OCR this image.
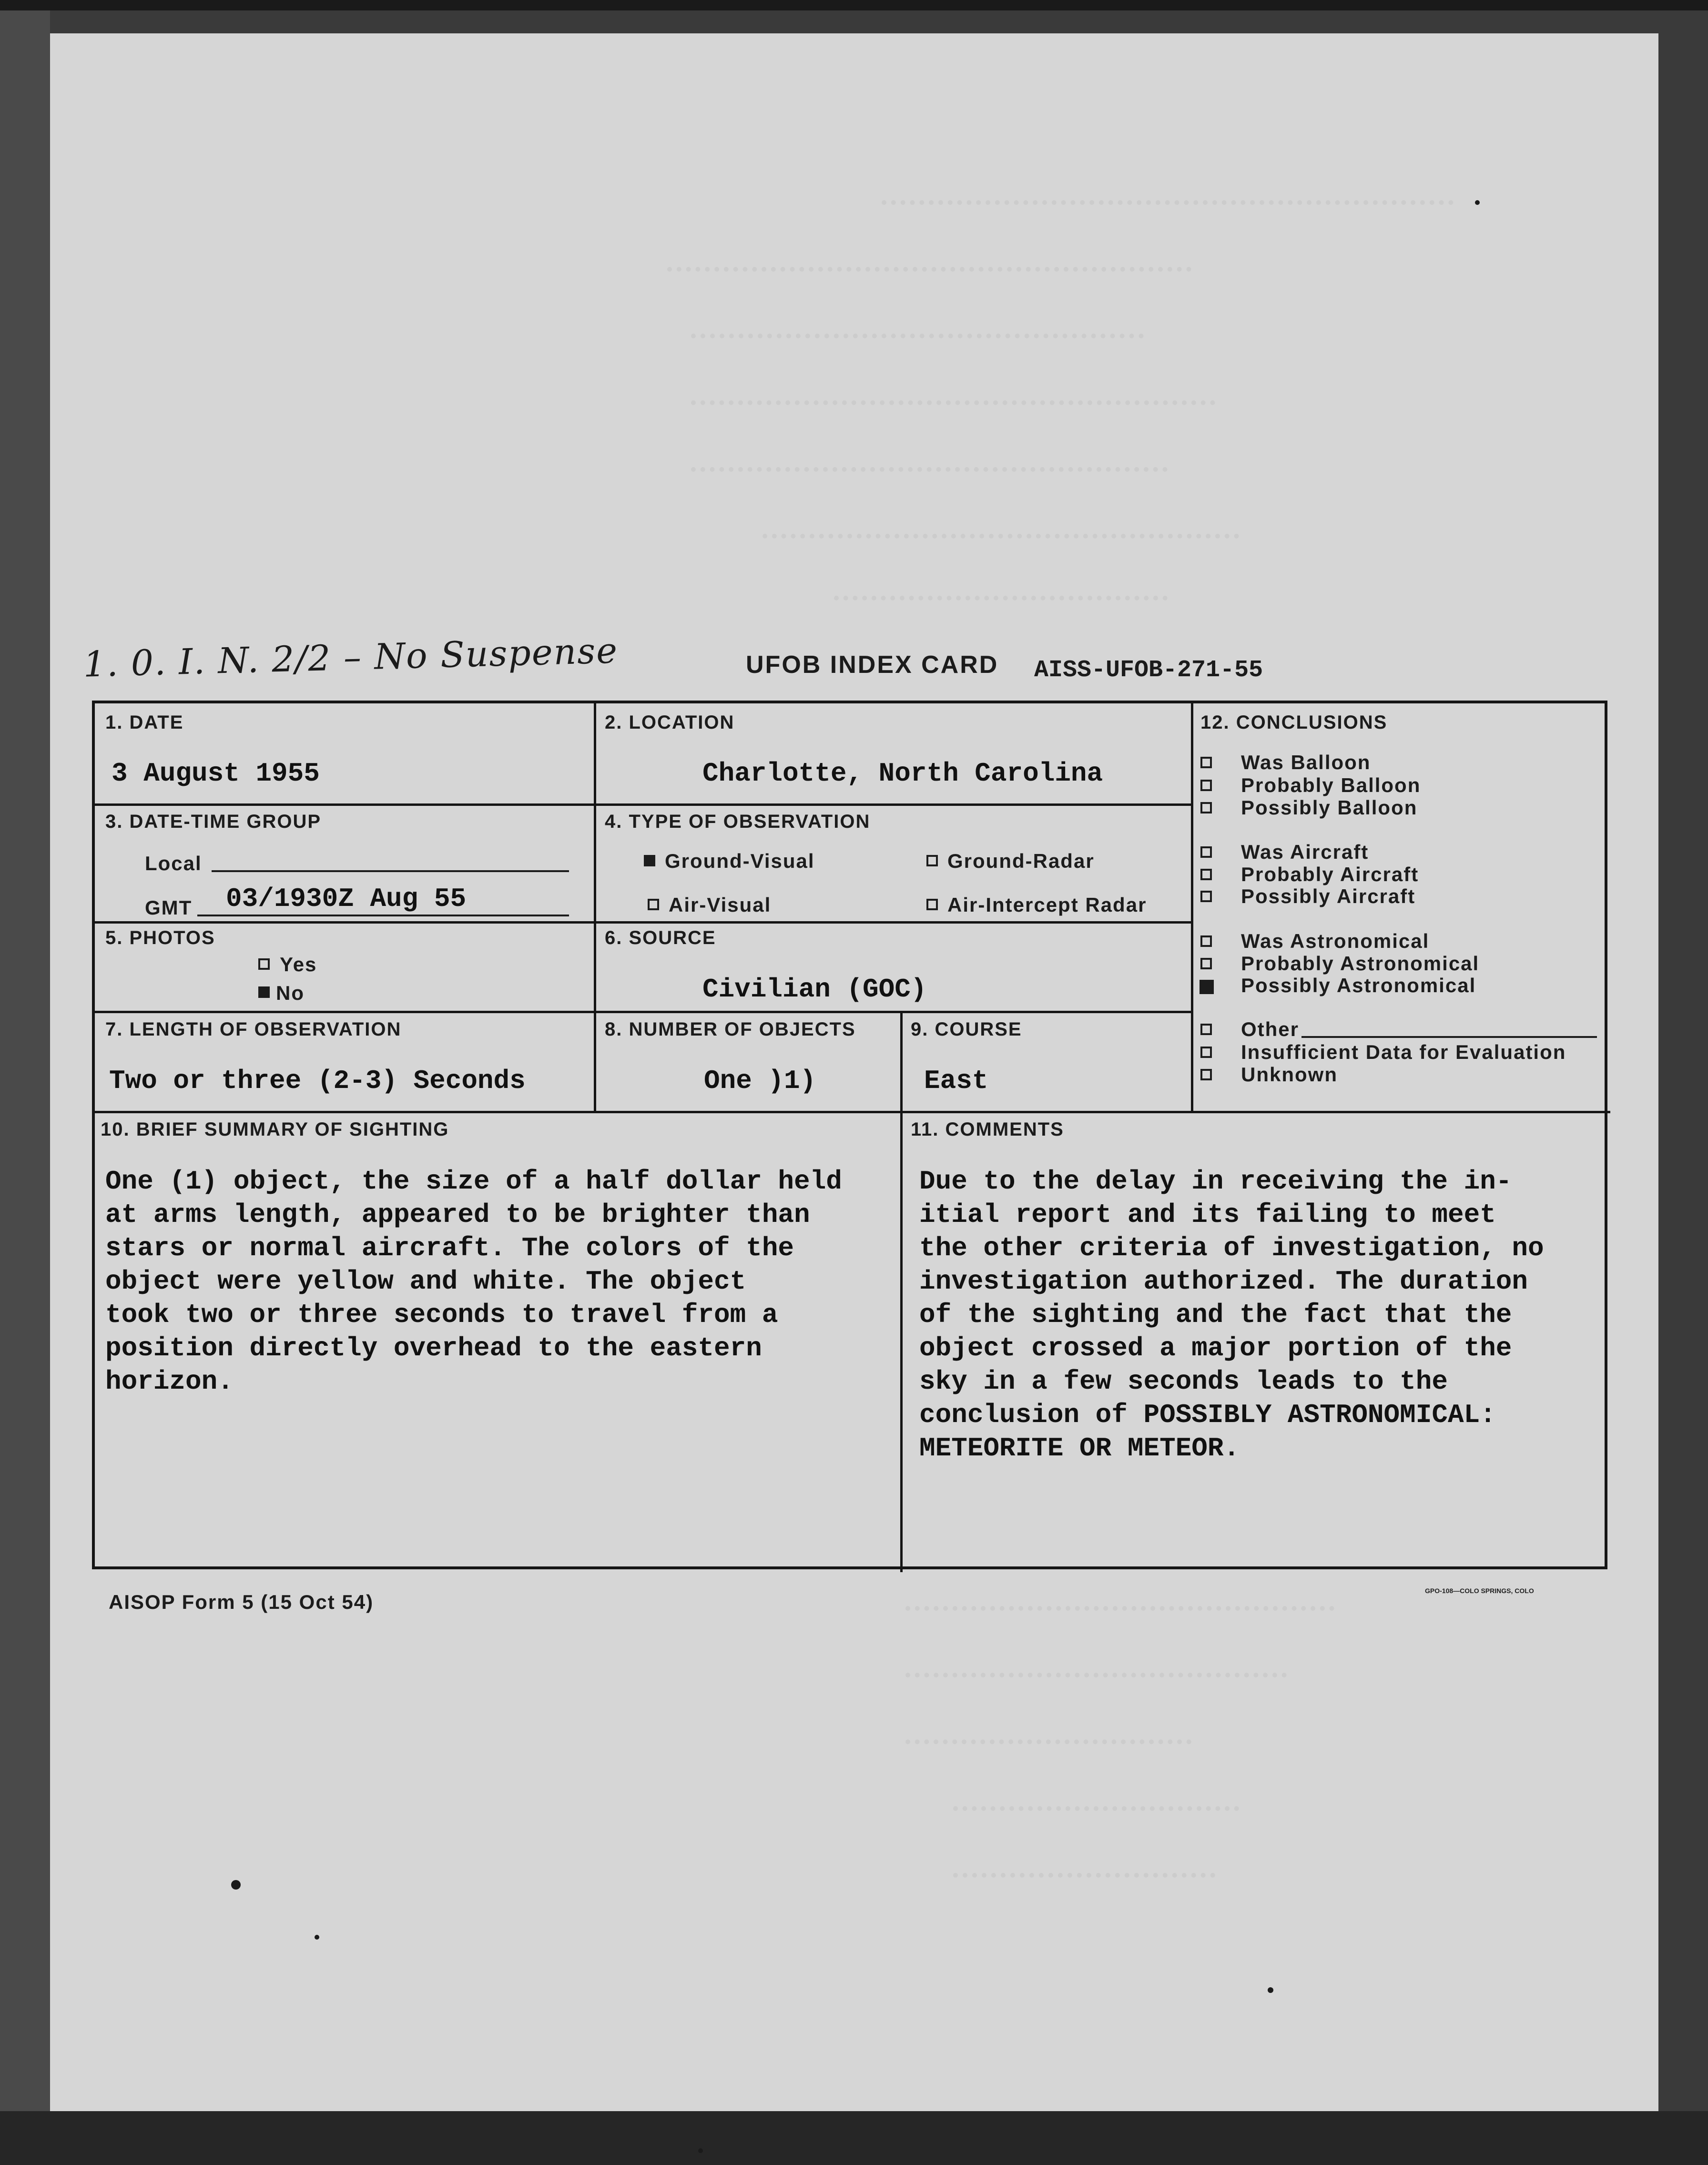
1. 0. I. N. 2/2 – No Suspense	UFOB INDEX CARD AISS-UFOB-271-55
1. DATE
3 August 1955
2. LOCATION
Charlotte, North Carolina
3. DATE-TIME GROUP
Local
GMT 03/1930Z Aug 55
4. TYPE OF OBSERVATION
Ground-Visual	Ground-Radar
Air-Visual	Air-Intercept Radar
5. PHOTOS
Yes
No
6. SOURCE
Civilian (GOC)
7. LENGTH OF OBSERVATION
Two or three (2-3) Seconds
8. NUMBER OF OBJECTS
One )1)
9. COURSE
East
12. CONCLUSIONS
Was Balloon
Probably Balloon
Possibly Balloon
Was Aircraft
Probably Aircraft
Possibly Aircraft
Was Astronomical
Probably Astronomical
Possibly Astronomical
Other
Insufficient Data for Evaluation
Unknown
10. BRIEF SUMMARY OF SIGHTING
One (1) object, the size of a half dollar held
at arms length, appeared to be brighter than
stars or normal aircraft. The colors of the
object were yellow and white. The object
took two or three seconds to travel from a
position directly overhead to the eastern
horizon.
11. COMMENTS
Due to the delay in receiving the in-
itial report and its failing to meet
the other criteria of investigation, no
investigation authorized. The duration
of the sighting and the fact that the
object crossed a major portion of the
sky in a few seconds leads to the
conclusion of POSSIBLY ASTRONOMICAL:
METEORITE OR METEOR.
AISOP Form 5 (15 Oct 54)	GPO-108—COLO SPRINGS, COLO
